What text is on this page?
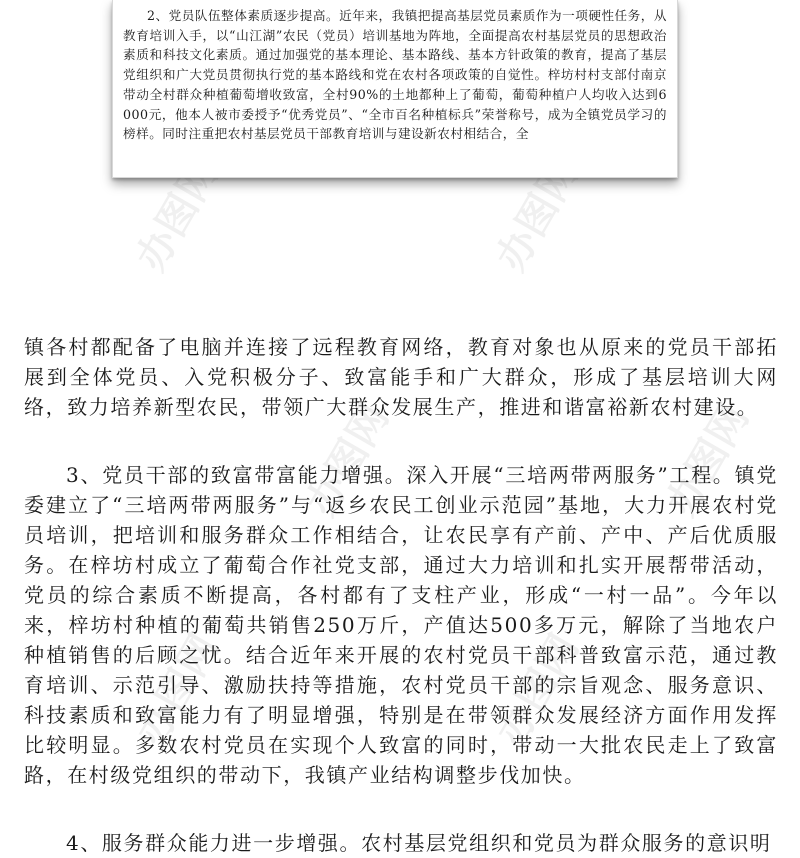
办图网	办图网
办图网	办图网
办图网	办图网

2、党员队伍整体素质逐步提高。近年来，我镇把提高基层党员素质作为一项硬性任务，从教育培训入手，以“山江湖”农民（党员）培训基地为阵地，全面提高农村基层党员的思想政治素质和科技文化素质。通过加强党的基本理论、基本路线、基本方针政策的教育，提高了基层党组织和广大党员贯彻执行党的基本路线和党在农村各项政策的自觉性。梓坊村村支部付南京带动全村群众种植葡萄增收致富，全村90%的土地都种上了葡萄，葡萄种植户人均收入达到6000元，他本人被市委授予“优秀党员”、“全市百名种植标兵”荣誉称号，成为全镇党员学习的榜样。同时注重把农村基层党员干部教育培训与建设新农村相结合，全

镇各村都配备了电脑并连接了远程教育网络，教育对象也从原来的党员干部拓展到全体党员、入党积极分子、致富能手和广大群众，形成了基层培训大网络，致力培养新型农民，带领广大群众发展生产，推进和谐富裕新农村建设。

3、党员干部的致富带富能力增强。深入开展“三培两带两服务”工程。镇党委建立了“三培两带两服务”与“返乡农民工创业示范园”基地，大力开展农村党员培训，把培训和服务群众工作相结合，让农民享有产前、产中、产后优质服务。在梓坊村成立了葡萄合作社党支部，通过大力培训和扎实开展帮带活动，党员的综合素质不断提高，各村都有了支柱产业，形成“一村一品”。今年以来，梓坊村种植的葡萄共销售250万斤，产值达500多万元，解除了当地农户种植销售的后顾之忧。结合近年来开展的农村党员干部科普致富示范，通过教育培训、示范引导、激励扶持等措施，农村党员干部的宗旨观念、服务意识、科技素质和致富能力有了明显增强，特别是在带领群众发展经济方面作用发挥比较明显。多数农村党员在实现个人致富的同时，带动一大批农民走上了致富路，在村级党组织的带动下，我镇产业结构调整步伐加快。

4、服务群众能力进一步增强。农村基层党组织和党员为群众服务的意识明
